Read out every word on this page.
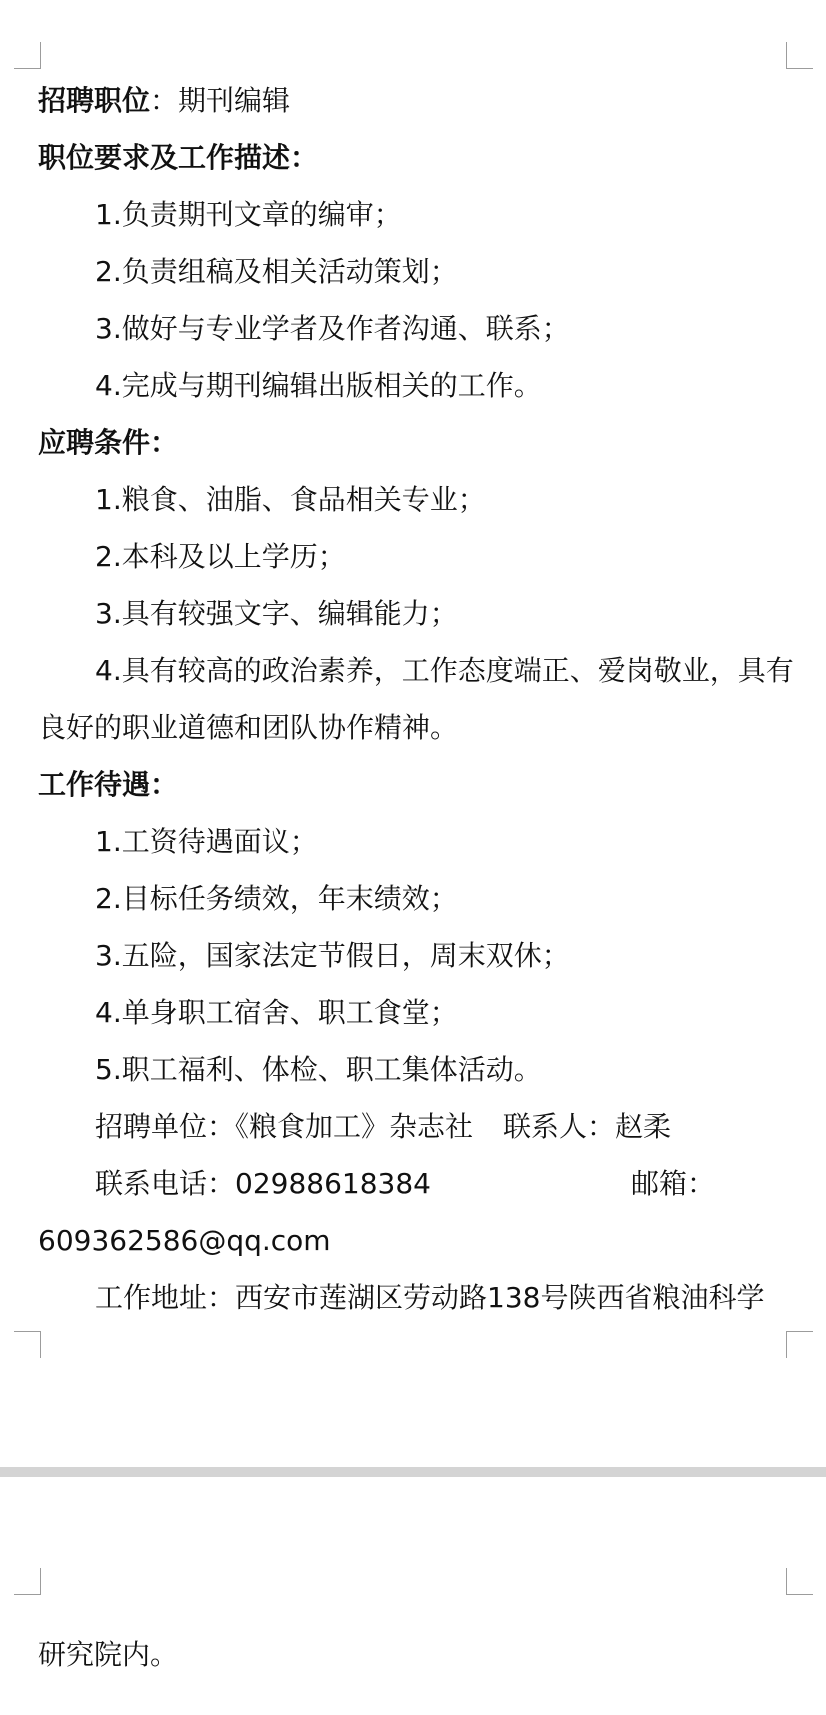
招聘职位：期刊编辑
职位要求及工作描述：
1.负责期刊文章的编审；
2.负责组稿及相关活动策划；
3.做好与专业学者及作者沟通、联系；
4.完成与期刊编辑出版相关的工作。
应聘条件：
1.粮食、油脂、食品相关专业；
2.本科及以上学历；
3.具有较强文字、编辑能力；
4.具有较高的政治素养，工作态度端正、爱岗敬业，具有良好的职业道德和团队协作精神。
工作待遇：
1.工资待遇面议；
2.目标任务绩效，年末绩效；
3.五险，国家法定节假日，周末双休；
4.单身职工宿舍、职工食堂；
5.职工福利、体检、职工集体活动。
招聘单位：《粮食加工》杂志社 联系人：赵柔
联系电话：02988618384	邮箱：
609362586@qq.com
工作地址：西安市莲湖区劳动路138号陕西省粮油科学
研究院内。
